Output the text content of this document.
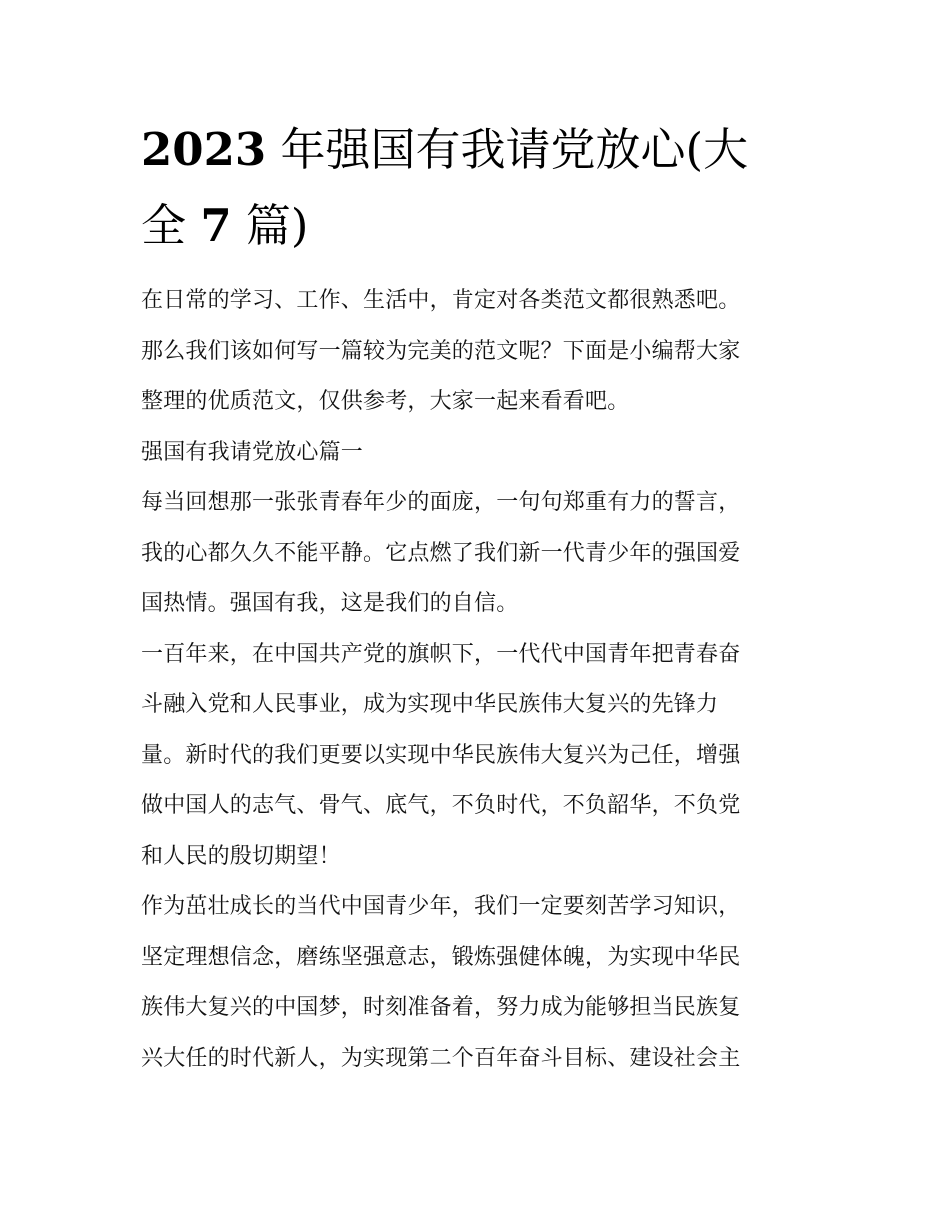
2023 年强国有我请党放心(大
全 7 篇)
在日常的学习、工作、生活中，肯定对各类范文都很熟悉吧。
那么我们该如何写一篇较为完美的范文呢？下面是小编帮大家
整理的优质范文，仅供参考，大家一起来看看吧。
强国有我请党放心篇一
每当回想那一张张青春年少的面庞，一句句郑重有力的誓言，
我的心都久久不能平静。它点燃了我们新一代青少年的强国爱
国热情。强国有我，这是我们的自信。
一百年来，在中国共产党的旗帜下，一代代中国青年把青春奋
斗融入党和人民事业，成为实现中华民族伟大复兴的先锋力
量。新时代的我们更要以实现中华民族伟大复兴为己任，增强
做中国人的志气、骨气、底气，不负时代，不负韶华，不负党
和人民的殷切期望！
作为茁壮成长的当代中国青少年，我们一定要刻苦学习知识，
坚定理想信念，磨练坚强意志，锻炼强健体魄，为实现中华民
族伟大复兴的中国梦，时刻准备着，努力成为能够担当民族复
兴大任的时代新人，为实现第二个百年奋斗目标、建设社会主
